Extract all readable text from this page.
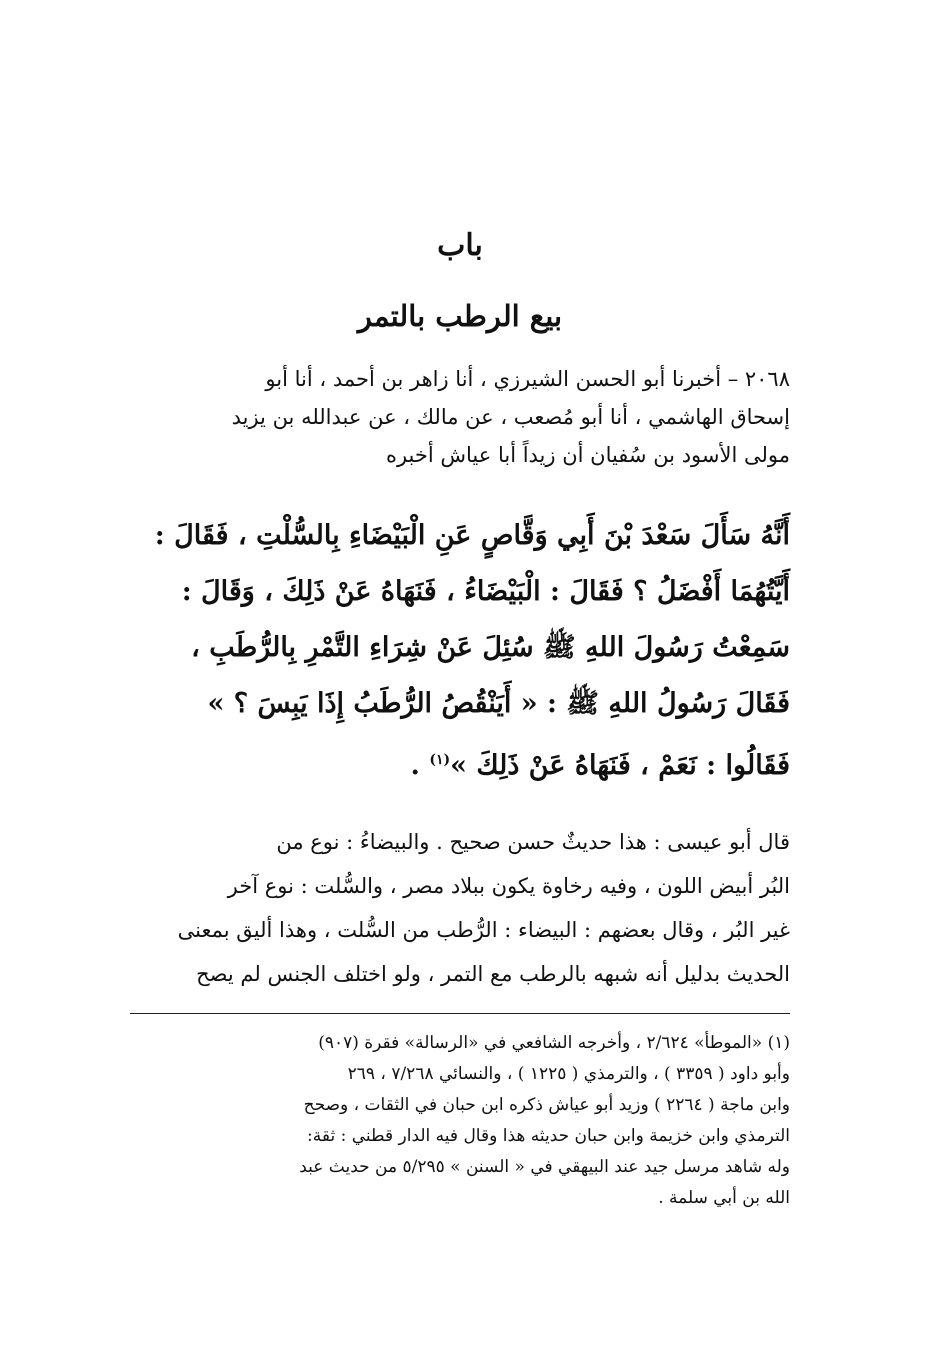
باب
بيع الرطب بالتمر
٢٠٦٨ – أخبرنا أبو الحسن الشيرزي ، أنا زاهر بن أحمد ، أنا أبو
إسحاق الهاشمي ، أنا أبو مُصعب ، عن مالك ، عن عبدالله بن يزيد
مولى الأسود بن سُفيان أن زيداً أبا عياش أخبره
أَنَّهُ سَأَلَ سَعْدَ بْنَ أَبِي وَقَّاصٍ عَنِ الْبَيْضَاءِ بِالسُّلْتِ ، فَقَالَ :
أَيَّتُهُمَا أَفْضَلُ ؟ فَقَالَ : الْبَيْضَاءُ ، فَنَهَاهُ عَنْ ذَلِكَ ، وَقَالَ :
سَمِعْتُ رَسُولَ اللهِ ﷺ سُئِلَ عَنْ شِرَاءِ التَّمْرِ بِالرُّطَبِ ،
فَقَالَ رَسُولُ اللهِ ﷺ : « أَيَنْقُصُ الرُّطَبُ إِذَا يَبِسَ ؟ »
فَقَالُوا : نَعَمْ ، فَنَهَاهُ عَنْ ذَلِكَ »$^{(١)}$ .
قال أبو عيسى : هذا حديثٌ حسن صحيح . والبيضاءُ : نوع من
البُر أبيض اللون ، وفيه رخاوة يكون ببلاد مصر ، والسُّلت : نوع آخر
غير البُر ، وقال بعضهم : البيضاء : الرُّطب من السُّلت ، وهذا أليق بمعنى
الحديث بدليل أنه شبهه بالرطب مع التمر ، ولو اختلف الجنس لم يصح
(١) «الموطأ» ٢/٦٢٤ ، وأخرجه الشافعي في «الرسالة» فقرة (٩٠٧)
وأبو داود ( ٣٣٥٩ ) ، والترمذي ( ١٢٢٥ ) ، والنسائي ٧/٢٦٨ ، ٢٦٩
وابن ماجة ( ٢٢٦٤ ) وزيد أبو عياش ذكره ابن حبان في الثقات ، وصحح
الترمذي وابن خزيمة وابن حبان حديثه هذا وقال فيه الدار قطني : ثقة:
وله شاهد مرسل جيد عند البيهقي في « السنن » ٥/٢٩٥ من حديث عبد
الله بن أبي سلمة .
